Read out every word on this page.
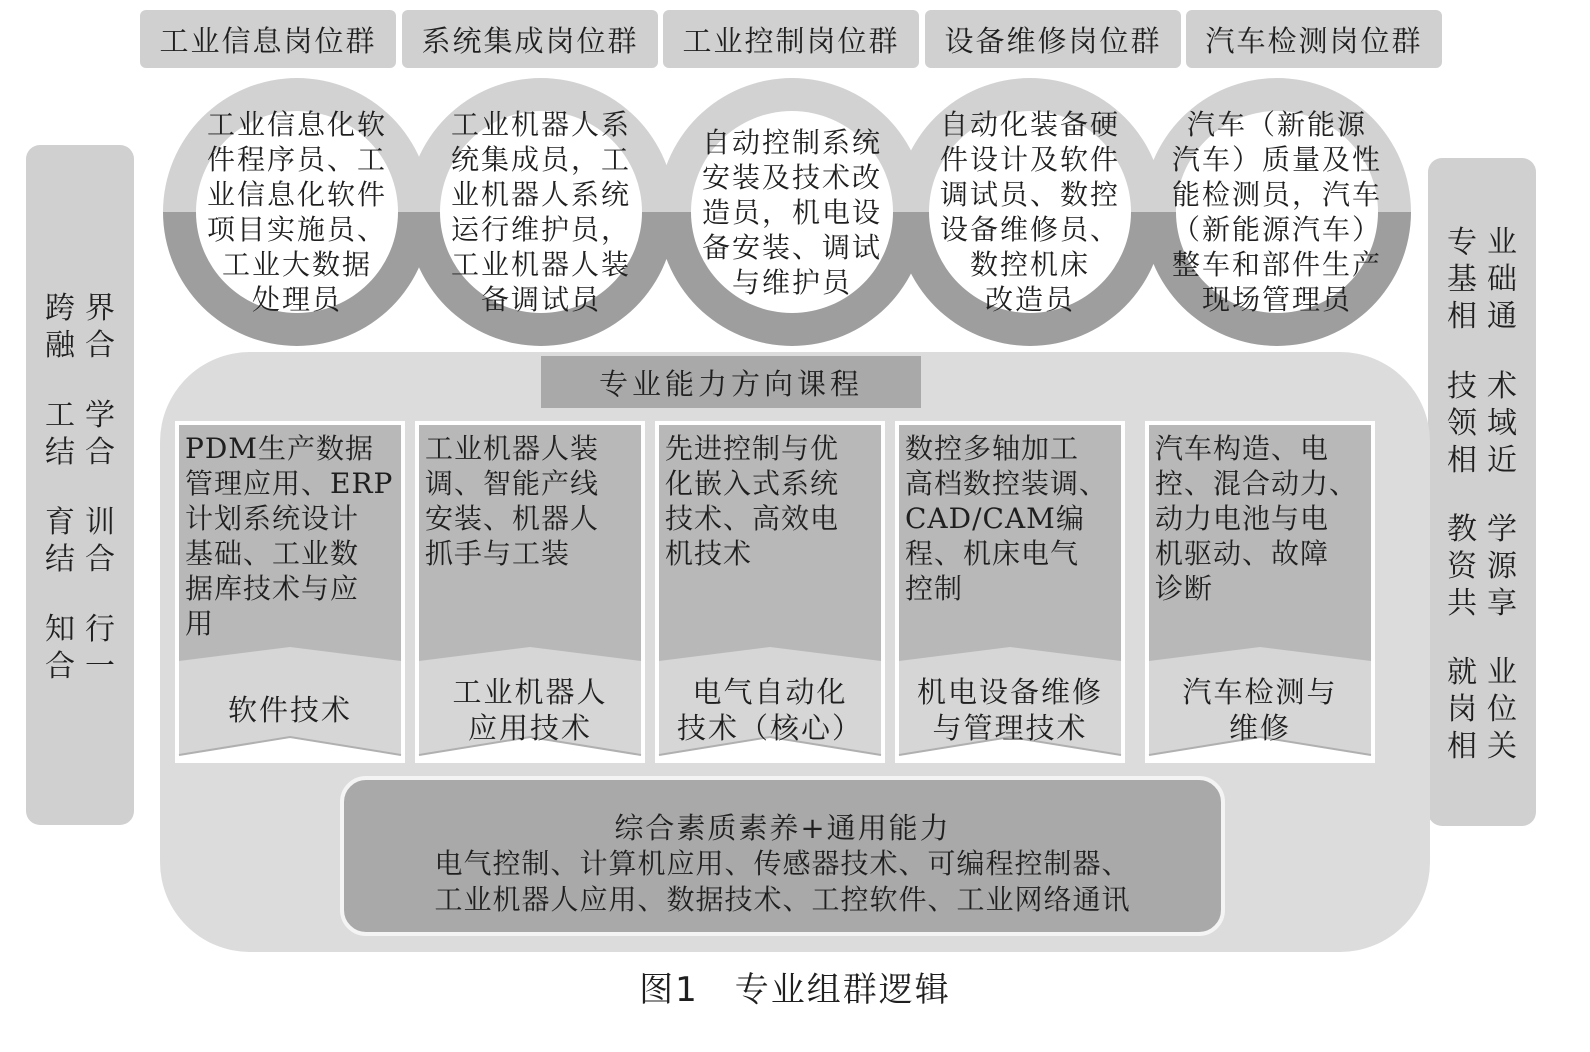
工业信息岗位群	系统集成岗位群	工业控制岗位群	设备维修岗位群	汽车检测岗位群
跨界
融合
工学
结合
育训
结合
知行
合一
专业
基础
相通
技术
领域
相近
教学
资源
共享
就业
岗位
相关
工业信息化软
件程序员、工
业信息化软件
项目实施员、
工业大数据
处理员
工业机器人系
统集成员，工
业机器人系统
运行维护员，
工业机器人装
备调试员
自动控制系统
安装及技术改
造员，机电设
备安装、调试
与维护员
自动化装备硬
件设计及软件
调试员、数控
设备维修员、
数控机床
改造员
汽车（新能源
汽车）质量及性
能检测员，汽车
（新能源汽车）
整车和部件生产
现场管理员
专业能力方向课程
PDM生产数据
管理应用、ERP
计划系统设计
基础、工业数
据库技术与应
用
软件技术
工业机器人装
调、智能产线
安装、机器人
抓手与工装
工业机器人
应用技术
先进控制与优
化嵌入式系统
技术、高效电
机技术
电气自动化
技术（核心）
数控多轴加工
高档数控装调、
CAD/CAM编
程、机床电气
控制
机电设备维修
与管理技术
汽车构造、电
控、混合动力、
动力电池与电
机驱动、故障
诊断
汽车检测与
维修
综合素质素养+通用能力
电气控制、计算机应用、传感器技术、可编程控制器、
工业机器人应用、数据技术、工控软件、工业网络通讯
图1　专业组群逻辑
